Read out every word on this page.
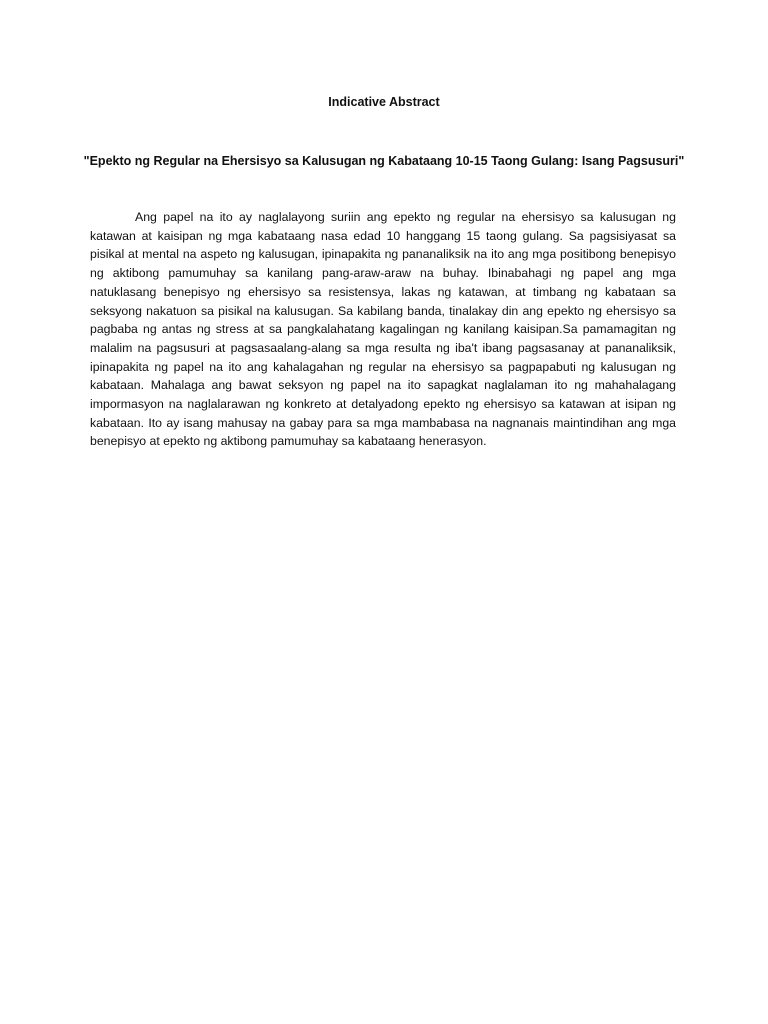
Indicative Abstract
"Epekto ng Regular na Ehersisyo sa Kalusugan ng Kabataang 10-15 Taong Gulang: Isang Pagsusuri"

Ang papel na ito ay naglalayong suriin ang epekto ng regular na ehersisyo sa kalusugan ng katawan at kaisipan ng mga kabataang nasa edad 10 hanggang 15 taong gulang. Sa pagsisiyasat sa pisikal at mental na aspeto ng kalusugan, ipinapakita ng pananaliksik na ito ang mga positibong benepisyo ng aktibong pamumuhay sa kanilang pang-araw-araw na buhay. Ibinabahagi ng papel ang mga natuklasang benepisyo ng ehersisyo sa resistensya, lakas ng katawan, at timbang ng kabataan sa seksyong nakatuon sa pisikal na kalusugan. Sa kabilang banda, tinalakay din ang epekto ng ehersisyo sa pagbaba ng antas ng stress at sa pangkalahatang kagalingan ng kanilang kaisipan.Sa pamamagitan ng malalim na pagsusuri at pagsasaalang-alang sa mga resulta ng iba't ibang pagsasanay at pananaliksik, ipinapakita ng papel na ito ang kahalagahan ng regular na ehersisyo sa pagpapabuti ng kalusugan ng kabataan. Mahalaga ang bawat seksyon ng papel na ito sapagkat naglalaman ito ng mahahalagang impormasyon na naglalarawan ng konkreto at detalyadong epekto ng ehersisyo sa katawan at isipan ng kabataan. Ito ay isang mahusay na gabay para sa mga mambabasa na nagnanais maintindihan ang mga benepisyo at epekto ng aktibong pamumuhay sa kabataang henerasyon.
